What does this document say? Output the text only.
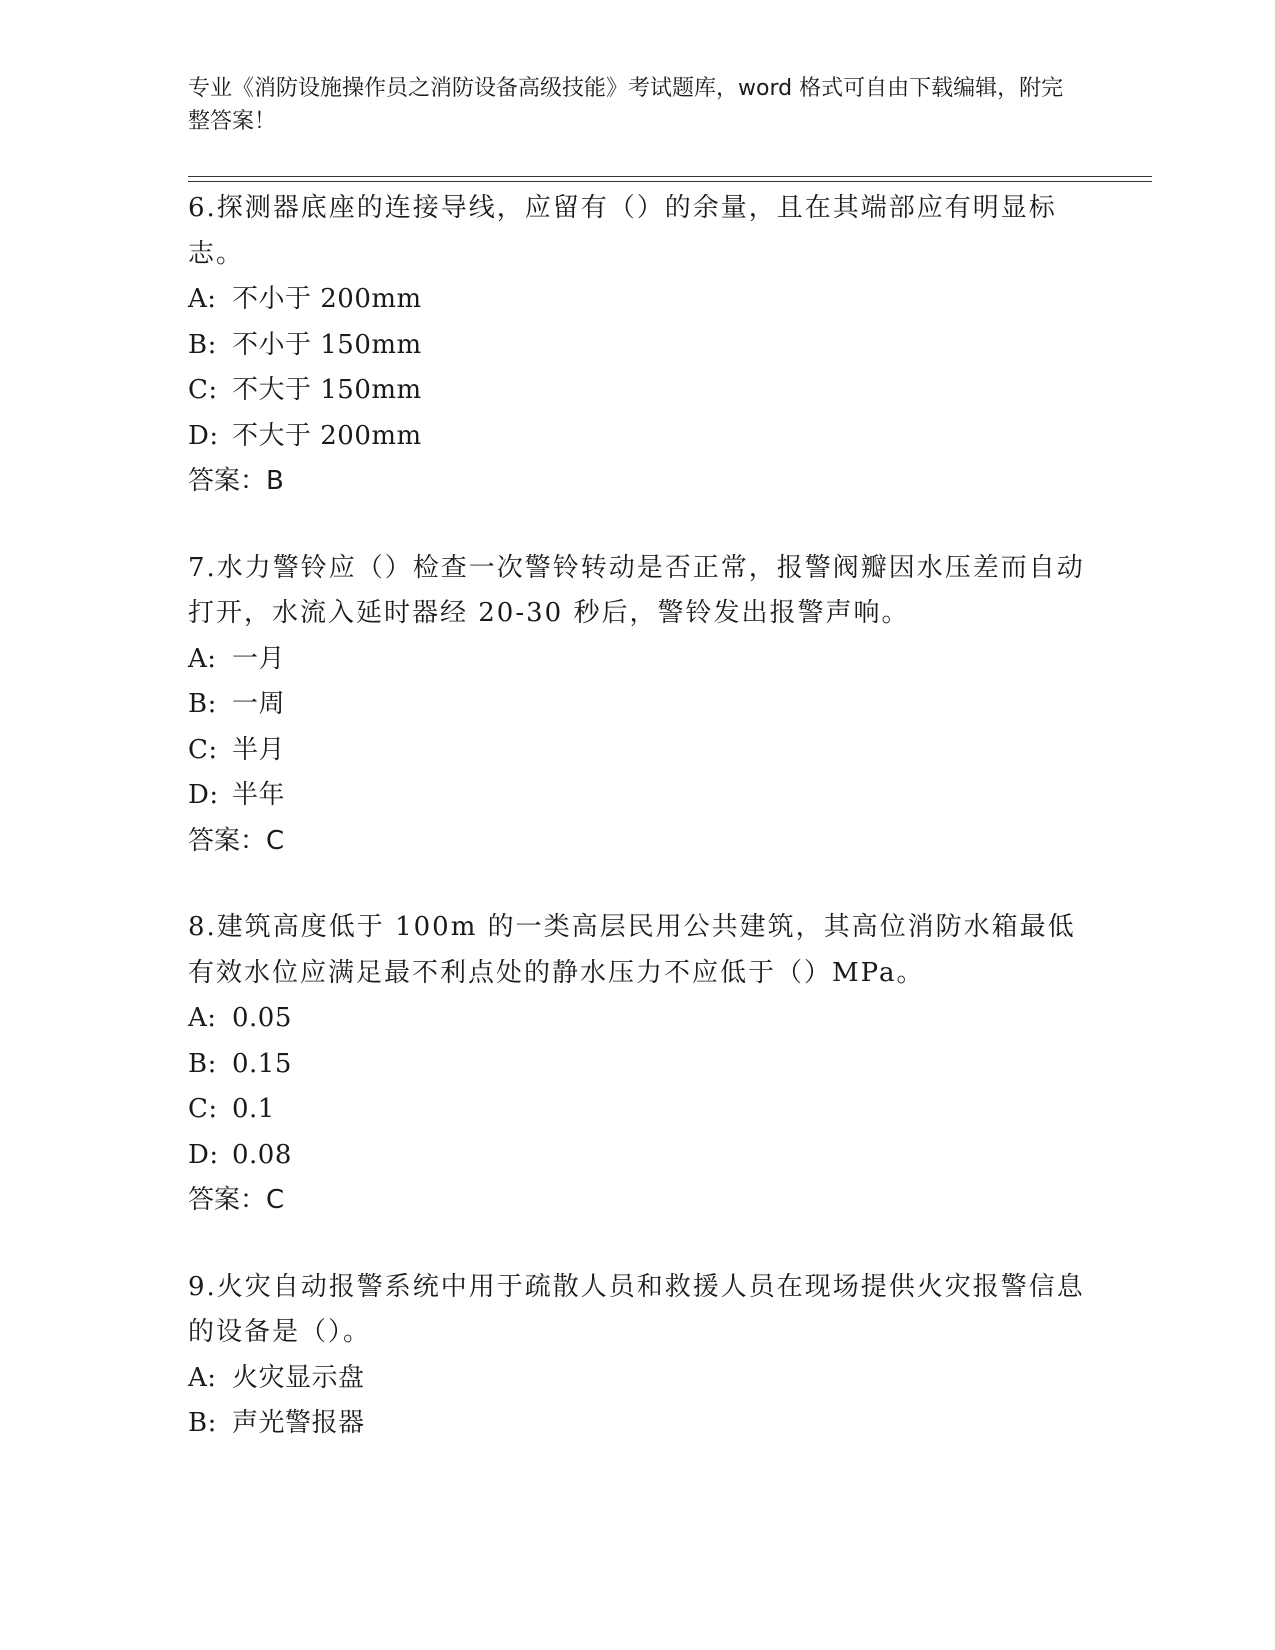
专业《消防设施操作员之消防设备高级技能》考试题库，word 格式可自由下载编辑，附完整答案！
6.探测器底座的连接导线，应留有（）的余量，且在其端部应有明显标志。
A: 不小于 200mm
B: 不小于 150mm
C: 不大于 150mm
D: 不大于 200mm
答案：B
7.水力警铃应（）检查一次警铃转动是否正常，报警阀瓣因水压差而自动打开，水流入延时器经 20-30 秒后，警铃发出报警声响。
A: 一月
B: 一周
C: 半月
D: 半年
答案：C
8.建筑高度低于 100m 的一类高层民用公共建筑，其高位消防水箱最低有效水位应满足最不利点处的静水压力不应低于（）MPa。
A: 0.05
B: 0.15
C: 0.1
D: 0.08
答案：C
9.火灾自动报警系统中用于疏散人员和救援人员在现场提供火灾报警信息的设备是（）。
A: 火灾显示盘
B: 声光警报器
